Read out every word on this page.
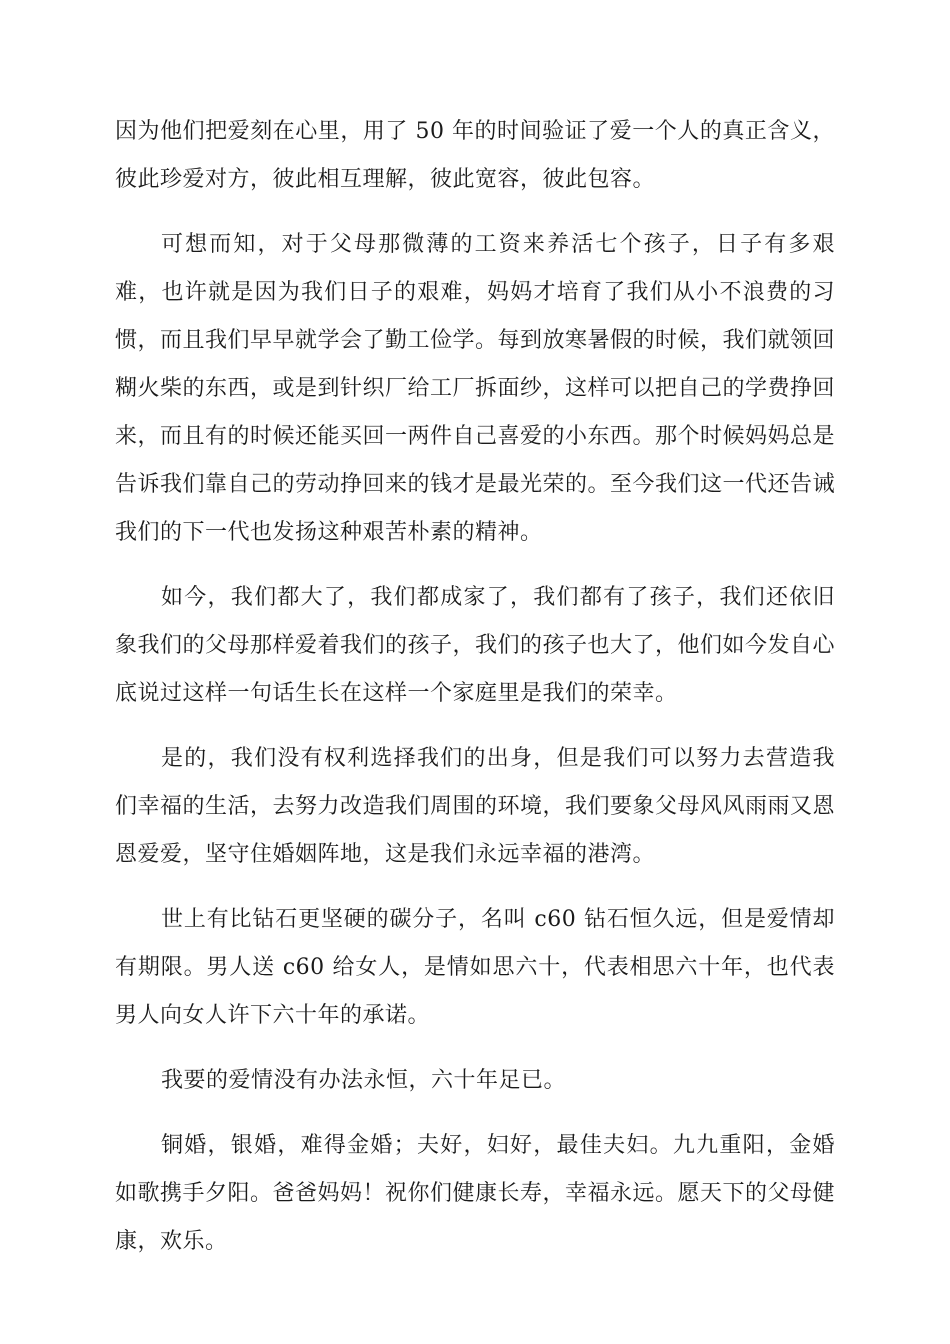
因为他们把爱刻在心里，用了 50 年的时间验证了爱一个人的真正含义，彼此珍爱对方，彼此相互理解，彼此宽容，彼此包容。

可想而知，对于父母那微薄的工资来养活七个孩子，日子有多艰难，也许就是因为我们日子的艰难，妈妈才培育了我们从小不浪费的习惯，而且我们早早就学会了勤工俭学。每到放寒暑假的时候，我们就领回糊火柴的东西，或是到针织厂给工厂拆面纱，这样可以把自己的学费挣回来，而且有的时候还能买回一两件自己喜爱的小东西。那个时候妈妈总是告诉我们靠自己的劳动挣回来的钱才是最光荣的。至今我们这一代还告诫我们的下一代也发扬这种艰苦朴素的精神。

如今，我们都大了，我们都成家了，我们都有了孩子，我们还依旧象我们的父母那样爱着我们的孩子，我们的孩子也大了，他们如今发自心底说过这样一句话生长在这样一个家庭里是我们的荣幸。

是的，我们没有权利选择我们的出身，但是我们可以努力去营造我们幸福的生活，去努力改造我们周围的环境，我们要象父母风风雨雨又恩恩爱爱，坚守住婚姻阵地，这是我们永远幸福的港湾。

世上有比钻石更坚硬的碳分子，名叫 c60 钻石恒久远，但是爱情却有期限。男人送 c60 给女人，是情如思六十，代表相思六十年，也代表男人向女人许下六十年的承诺。

我要的爱情没有办法永恒，六十年足已。

铜婚，银婚，难得金婚；夫好，妇好，最佳夫妇。九九重阳，金婚如歌携手夕阳。爸爸妈妈！祝你们健康长寿，幸福永远。愿天下的父母健康，欢乐。
